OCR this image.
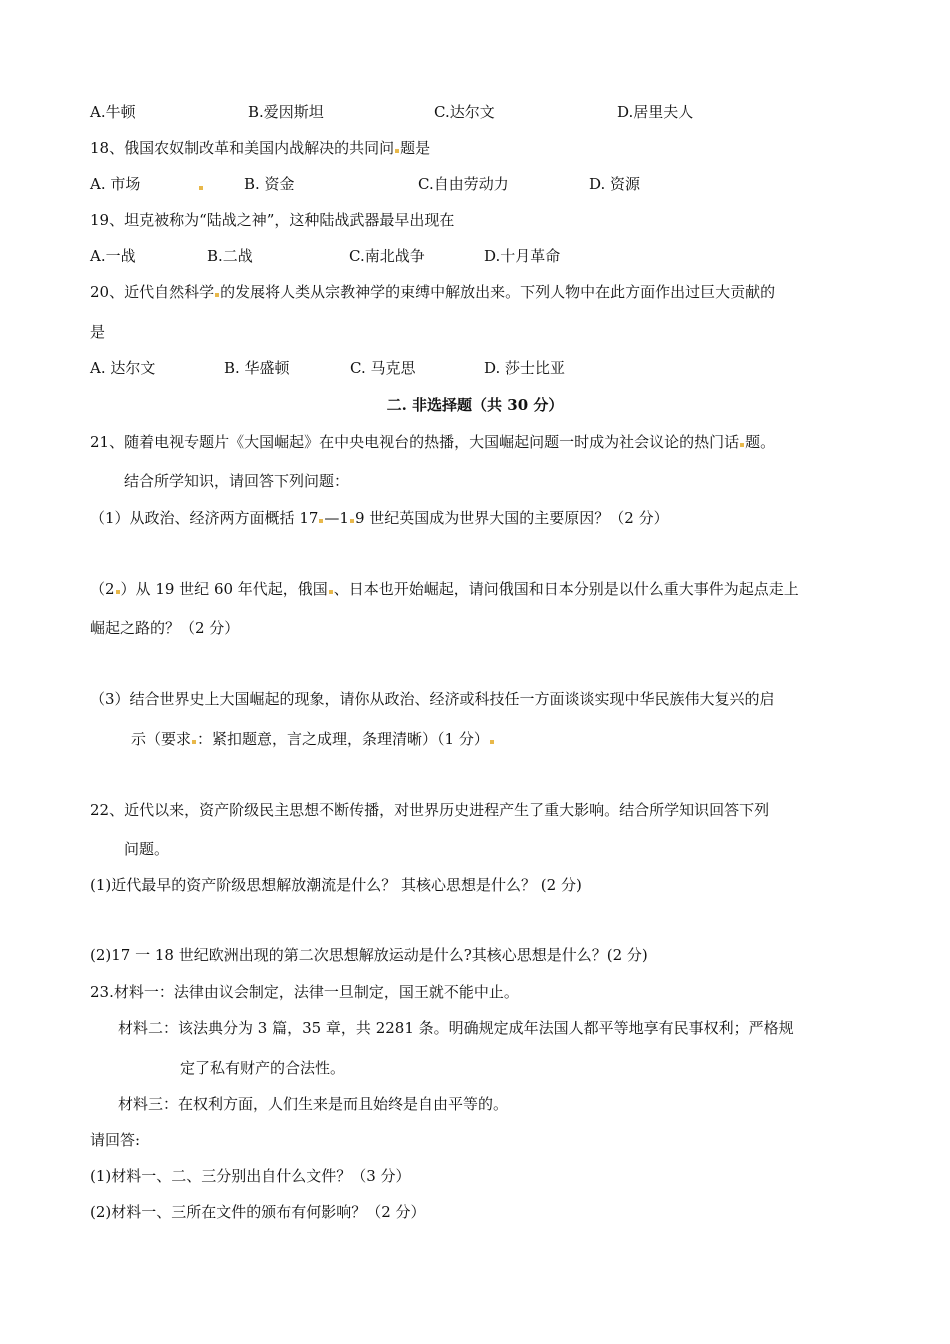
A.牛顿	B.爱因斯坦	C.达尔文	D.居里夫人
18、俄国农奴制改革和美国内战解决的共同问 题是
A. 市场	B. 资金	C.自由劳动力	D. 资源
19、坦克被称为“陆战之神”，这种陆战武器最早出现在
A.一战	B.二战	C.南北战争	D.十月革命
20、近代自然科学 的发展将人类从宗教神学的束缚中解放出来。下列人物中在此方面作出过巨大贡献的
是
A. 达尔文	B. 华盛顿	C. 马克思	D. 莎士比亚
二. 非选择题（共 30 分）
21、随着电视专题片《大国崛起》在中央电视台的热播，大国崛起问题一时成为社会议论的热门话 题。
结合所学知识，请回答下列问题：
（1）从政治、经济两方面概括 17 —1 9 世纪英国成为世界大国的主要原因？（2 分）
（2 ）从 19 世纪 60 年代起，俄国 、日本也开始崛起，请问俄国和日本分别是以什么重大事件为起点走上
崛起之路的？（2 分）
（3）结合世界史上大国崛起的现象，请你从政治、经济或科技任一方面谈谈实现中华民族伟大复兴的启
示（要求 ：紧扣题意，言之成理，条理清晰）（1 分）
22、近代以来，资产阶级民主思想不断传播，对世界历史进程产生了重大影响。结合所学知识回答下列
问题。
(1)近代最早的资产阶级思想解放潮流是什么？ 其核心思想是什么？ (2 分)
(2)17 一 18 世纪欧洲出现的第二次思想解放运动是什么?其核心思想是什么？(2 分)
23.材料一：法律由议会制定，法律一旦制定，国王就不能中止。
材料二：该法典分为 3 篇，35 章，共 2281 条。明确规定成年法国人都平等地享有民事权利；严格规
定了私有财产的合法性。
材料三：在权利方面，人们生来是而且始终是自由平等的。
请回答:
(1)材料一、二、三分别出自什么文件？（3 分）
(2)材料一、三所在文件的颁布有何影响？（2 分）
